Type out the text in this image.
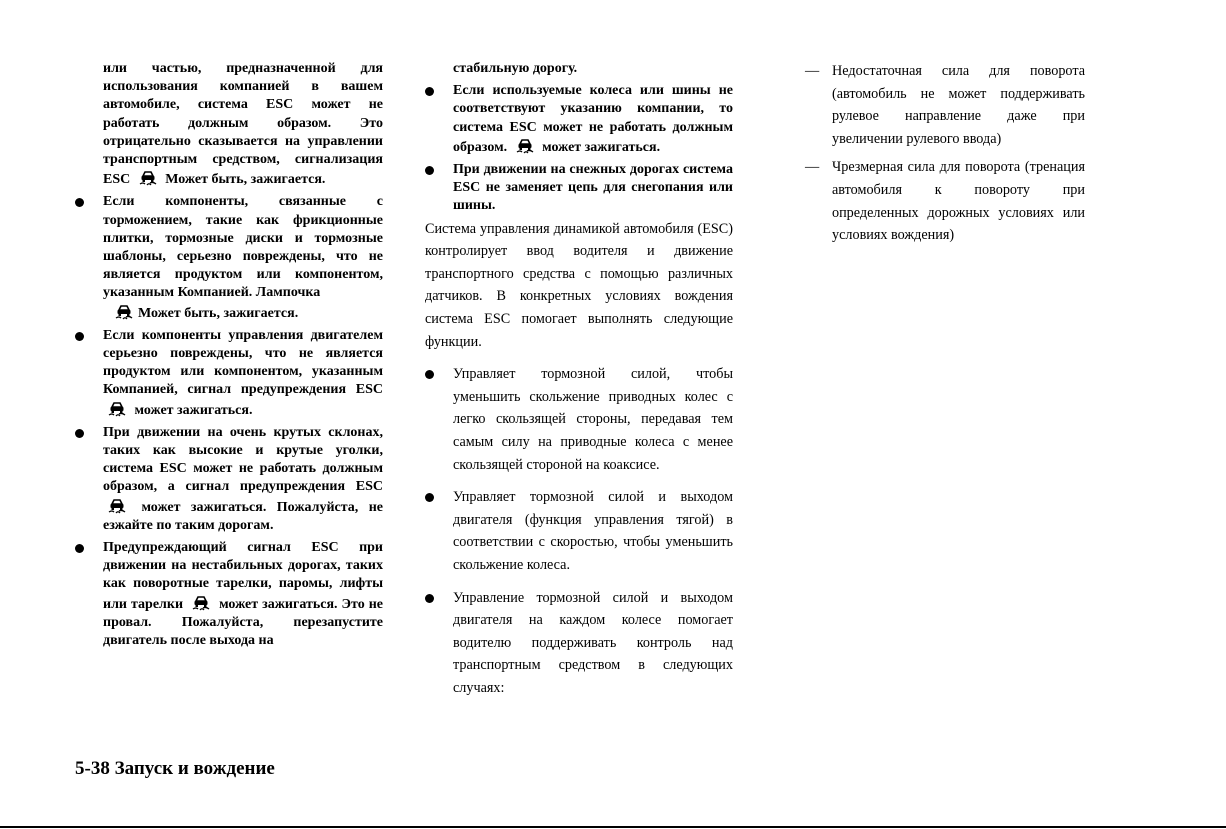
или частью, предназначенной для использования компанией в вашем автомобиле, система ESC может не работать должным образом. Это отрицательно сказывается на управлении транспортным средством, сигнализация ESC	Может быть, зажигается.

Если компоненты, связанные с торможением, такие как фрикционные плитки, тормозные диски и тормозные шаблоны, серьезно повреждены, что не является продуктом или компонентом, указанным Компанией. Лампочка

Может быть, зажигается.

Если компоненты управления двигателем серьезно повреждены, что не является продуктом или компонентом, указанным Компанией, сигнал предупреждения ESC
может зажигаться.

При движении на очень крутых склонах, таких как высокие и крутые уголки, система ESC может не работать должным образом, а сигнал предупреждения ESC
может зажигаться. Пожалуйста, не езжайте по таким дорогам.

Предупреждающий сигнал ESC при движении на нестабильных дорогах, таких как поворотные тарелки, паромы, лифты или тарелки	может зажигаться. Это не провал. Пожалуйста, перезапустите двигатель после выхода на

стабильную дорогу.

Если используемые колеса или шины не соответствуют указанию компании, то система ESC может не работать должным образом.	может зажигаться.

При движении на снежных дорогах система ESC не заменяет цепь для снегопания или шины.

Система управления динамикой автомобиля (ESC) контролирует ввод водителя и движение транспортного средства с помощью различных датчиков. В конкретных условиях вождения система ESC помогает выполнять следующие функции.

Управляет тормозной силой, чтобы уменьшить скольжение приводных колес с легко скользящей стороны, передавая тем самым силу на приводные колеса с менее скользящей стороной на коаксисе.

Управляет тормозной силой и выходом двигателя (функция управления тягой) в соответствии с скоростью, чтобы уменьшить скольжение колеса.

Управление тормозной силой и выходом двигателя на каждом колесе помогает водителю поддерживать контроль над транспортным средством в следующих случаях:

— Недостаточная сила для поворота (автомобиль не может поддерживать рулевое направление даже при увеличении рулевого ввода)

— Чрезмерная сила для поворота (тренация автомобиля к повороту при определенных дорожных условиях или условиях вождения)

5-38 Запуск и вождение
